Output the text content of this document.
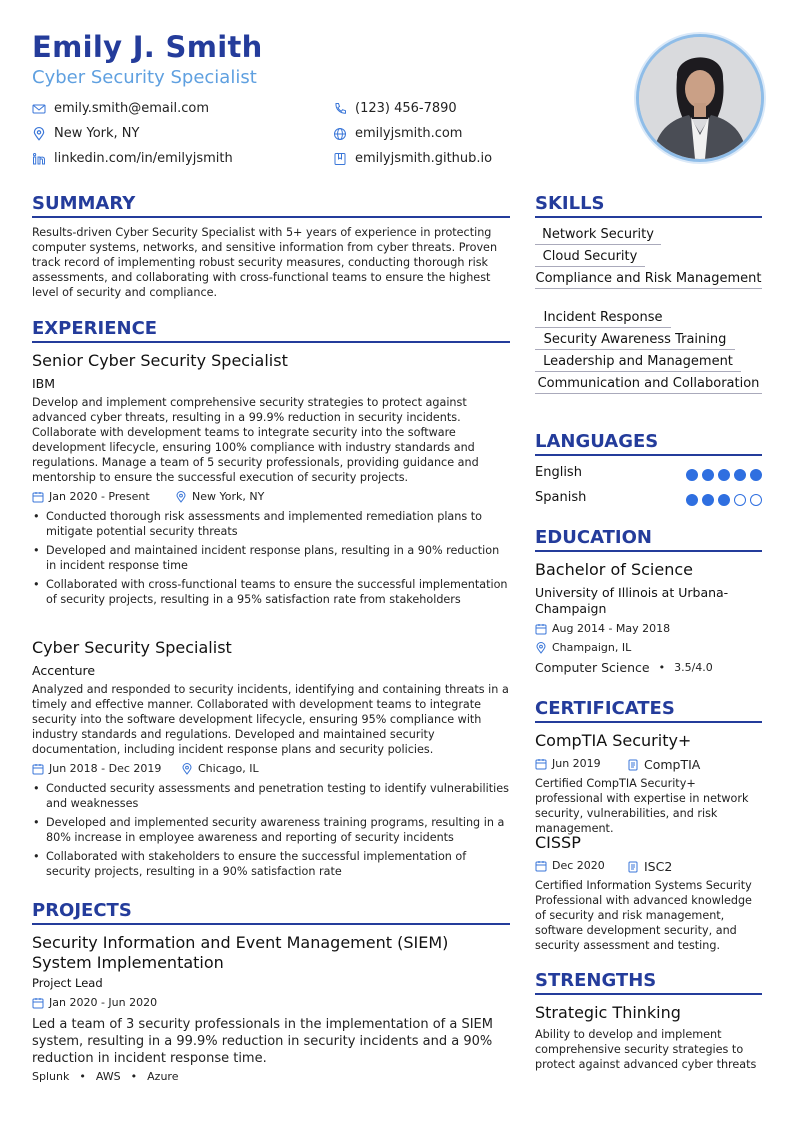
Emily J. Smith
Cyber Security Specialist
emily.smith@email.com	(123) 456-7890
New York, NY	emilyjsmith.com
linkedin.com/in/emilyjsmith	emilyjsmith.github.io
SUMMARY
Results-driven Cyber Security Specialist with 5+ years of experience in protecting computer systems, networks, and sensitive information from cyber threats. Proven track record of implementing robust security measures, conducting thorough risk assessments, and collaborating with cross-functional teams to ensure the highest level of security and compliance.
EXPERIENCE
Senior Cyber Security Specialist
IBM
Develop and implement comprehensive security strategies to protect against advanced cyber threats, resulting in a 99.9% reduction in security incidents. Collaborate with development teams to integrate security into the software development lifecycle, ensuring 100% compliance with industry standards and regulations. Manage a team of 5 security professionals, providing guidance and mentorship to ensure the successful execution of security projects.
Jan 2020 - Present	New York, NY
• Conducted thorough risk assessments and implemented remediation plans to mitigate potential security threats
• Developed and maintained incident response plans, resulting in a 90% reduction in incident response time
• Collaborated with cross-functional teams to ensure the successful implementation of security projects, resulting in a 95% satisfaction rate from stakeholders
Cyber Security Specialist
Accenture
Analyzed and responded to security incidents, identifying and containing threats in a timely and effective manner. Collaborated with development teams to integrate security into the software development lifecycle, ensuring 95% compliance with industry standards and regulations. Developed and maintained security documentation, including incident response plans and security policies.
Jun 2018 - Dec 2019	Chicago, IL
• Conducted security assessments and penetration testing to identify vulnerabilities and weaknesses
• Developed and implemented security awareness training programs, resulting in a 80% increase in employee awareness and reporting of security incidents
• Collaborated with stakeholders to ensure the successful implementation of security projects, resulting in a 90% satisfaction rate
PROJECTS
Security Information and Event Management (SIEM) System Implementation
Project Lead
Jan 2020 - Jun 2020
Led a team of 3 security professionals in the implementation of a SIEM system, resulting in a 99.9% reduction in security incidents and a 90% reduction in incident response time.
Splunk • AWS • Azure
SKILLS
Network Security
Cloud Security
Compliance and Risk Management
Incident Response
Security Awareness Training
Leadership and Management
Communication and Collaboration
LANGUAGES
English
Spanish
EDUCATION
Bachelor of Science
University of Illinois at Urbana-Champaign
Aug 2014 - May 2018
Champaign, IL
Computer Science • 3.5/4.0
CERTIFICATES
CompTIA Security+
Jun 2019	CompTIA
Certified CompTIA Security+ professional with expertise in network security, vulnerabilities, and risk management.
CISSP
Dec 2020	ISC2
Certified Information Systems Security Professional with advanced knowledge of security and risk management, software development security, and security assessment and testing.
STRENGTHS
Strategic Thinking
Ability to develop and implement comprehensive security strategies to protect against advanced cyber threats
